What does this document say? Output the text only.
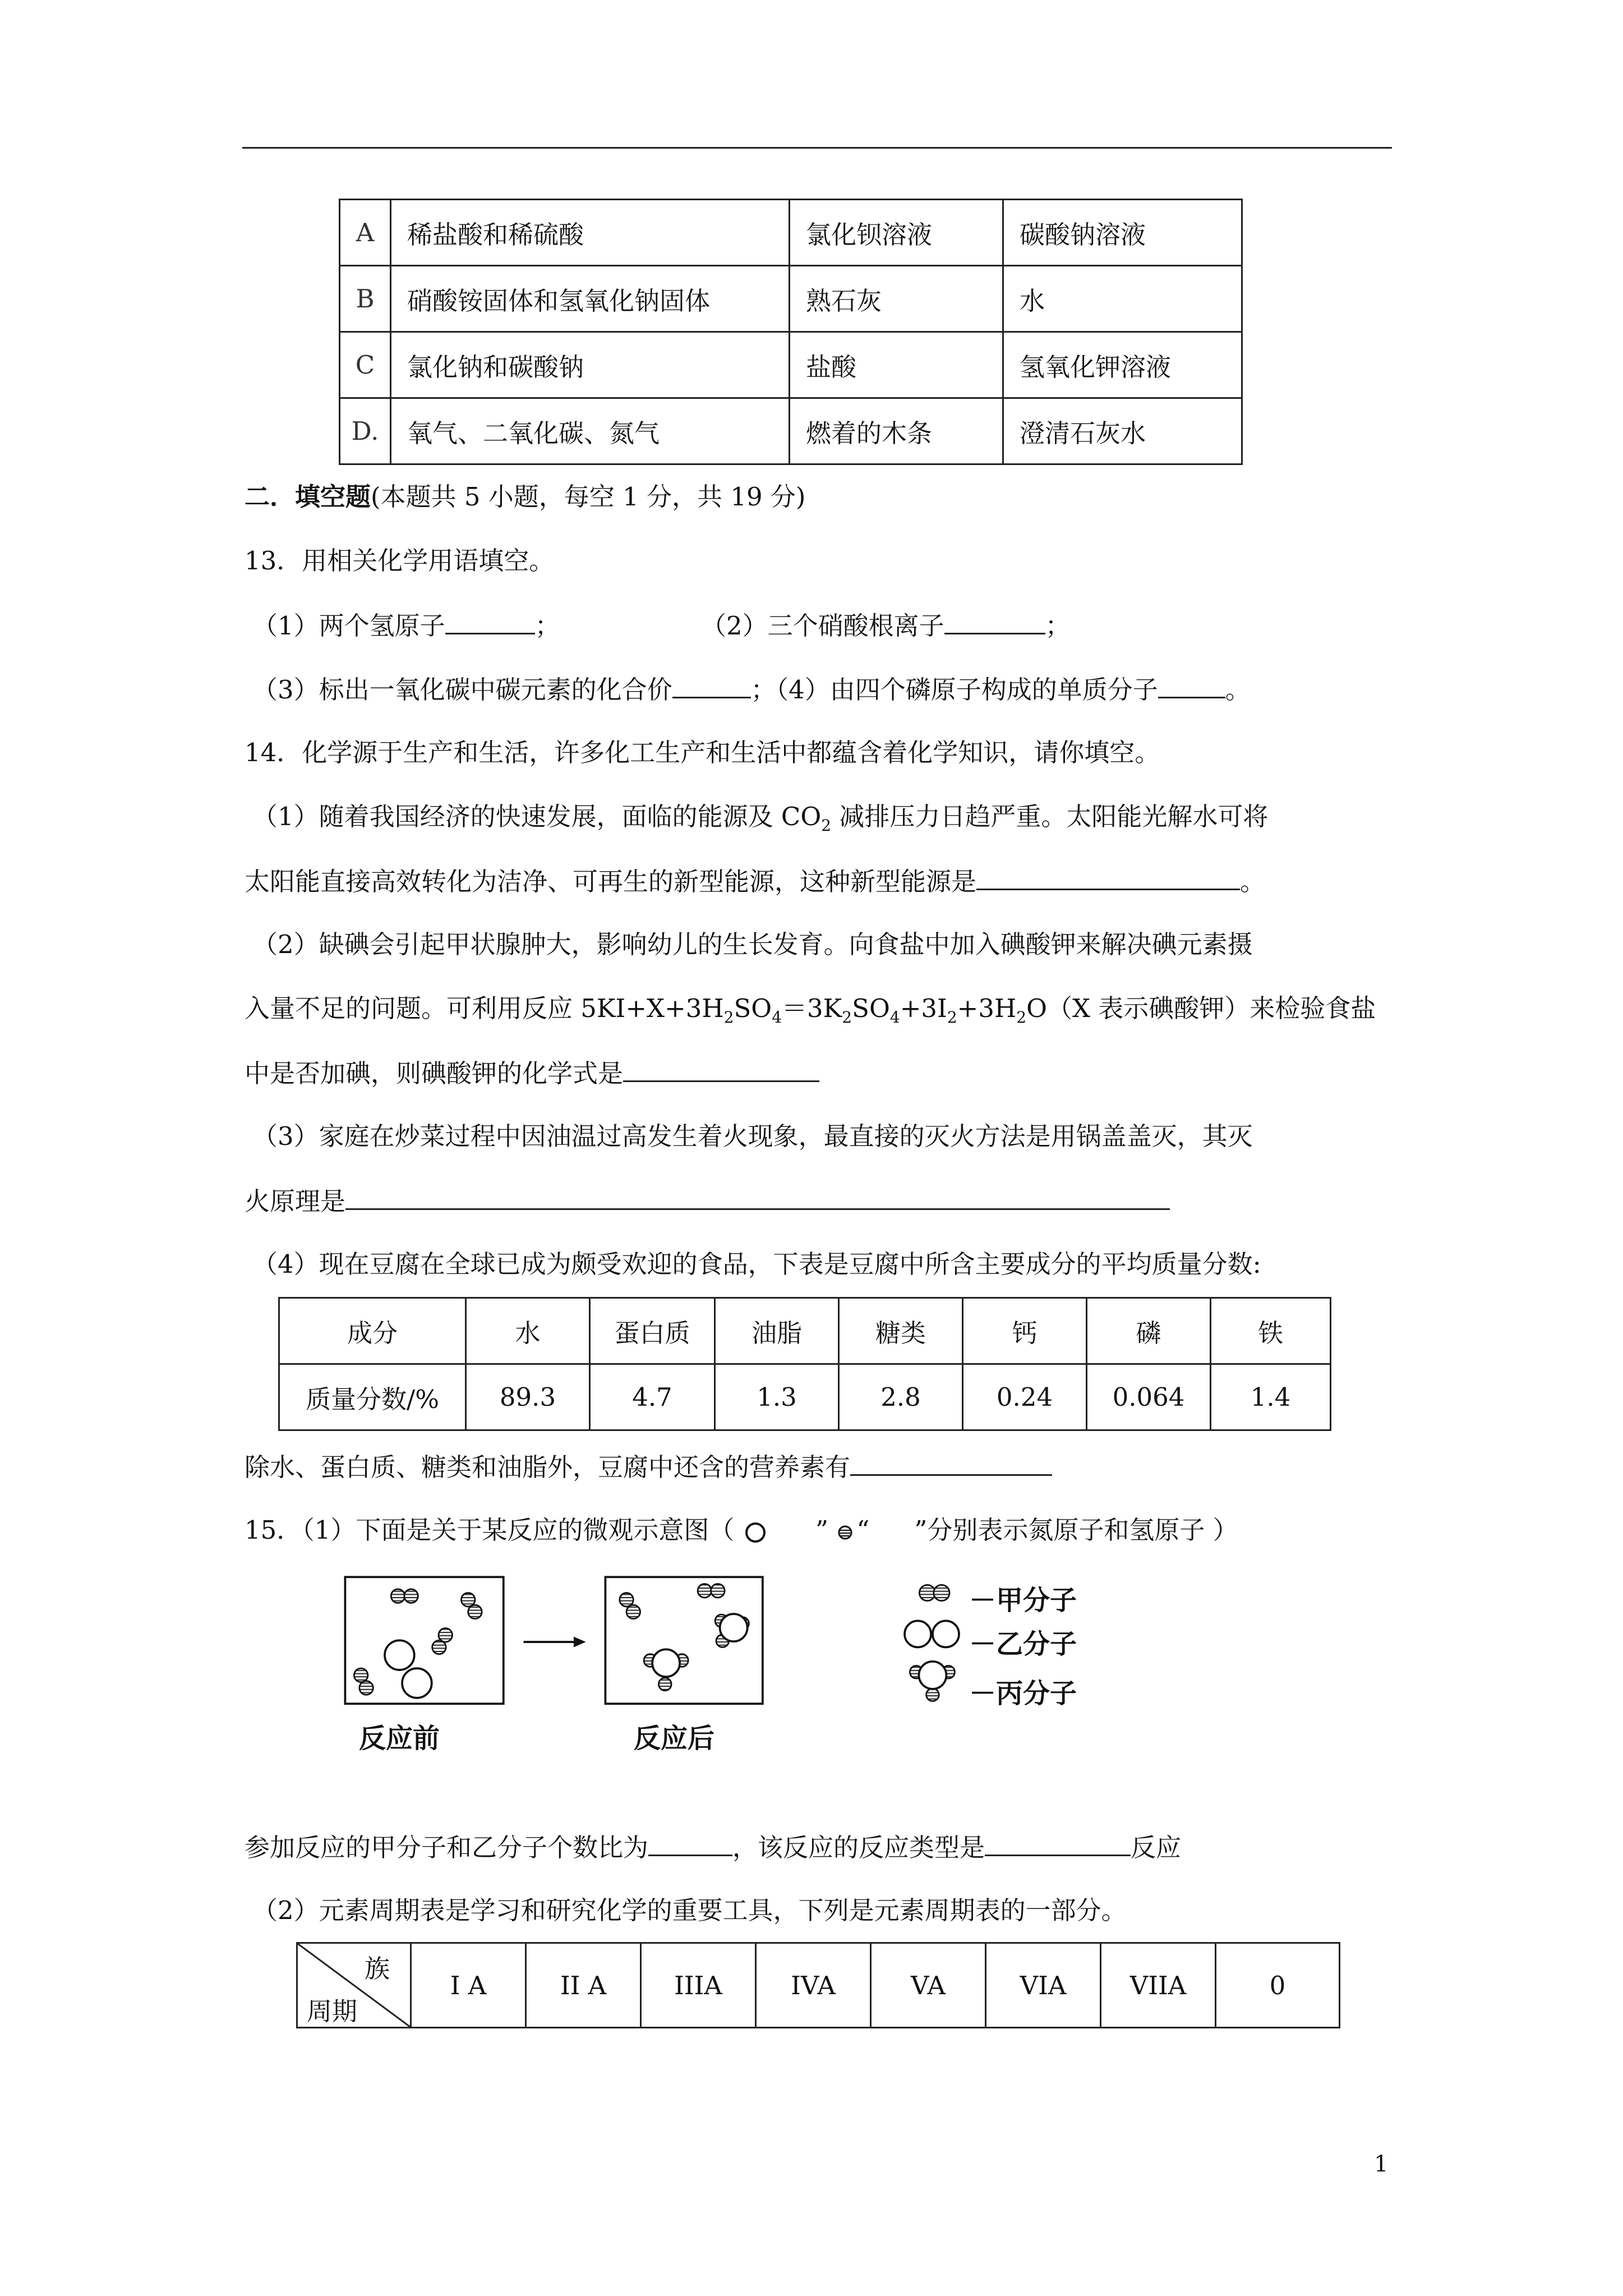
A	稀盐酸和稀硫酸	氯化钡溶液	碳酸钠溶液
B	硝酸铵固体和氢氧化钠固体	熟石灰	水
C	氯化钠和碳酸钠	盐酸	氢氧化钾溶液
D.	氧气、二氧化碳、氮气	燃着的木条	澄清石灰水
二．填空题(本题共 5 小题，每空 1 分，共 19 分)
13．用相关化学用语填空。
（1）两个氢原子	；	（2）三个硝酸根离子	；
（3）标出一氧化碳中碳元素的化合价	；（4）由四个磷原子构成的单质分子	。
14．化学源于生产和生活，许多化工生产和生活中都蕴含着化学知识，请你填空。
（1）随着我国经济的快速发展，面临的能源及 $CO_2$ 减排压力日趋严重。太阳能光解水可将
太阳能直接高效转化为洁净、可再生的新型能源，这种新型能源是	。
（2）缺碘会引起甲状腺肿大，影响幼儿的生长发育。向食盐中加入碘酸钾来解决碘元素摄
入量不足的问题。可利用反应 $5KI+X+3H_2SO_4=3K_2SO_4+3I_2+3H_2O(X$ 表示碘酸钾）来检验食盐
中是否加碘，则碘酸钾的化学式是
（3）家庭在炒菜过程中因油温过高发生着火现象，最直接的灭火方法是用锅盖盖灭，其灭
火原理是
（4）现在豆腐在全球已成为颇受欢迎的食品，下表是豆腐中所含主要成分的平均质量分数:
成分	水	蛋白质	油脂	糖类	钙	磷	铁
质量分数/%	89.3	4.7	1.3	2.8	0.24	0.064	1.4
除水、蛋白质、糖类和油脂外，豆腐中还含的营养素有
15．（1）下面是关于某反应的微观示意图（	” “ ”分别表示氮原子和氢原子 ）
反应前	反应后
－甲分子
－乙分子
－丙分子
参加反应的甲分子和乙分子个数比为	，该反应的反应类型是	反应
（2）元素周期表是学习和研究化学的重要工具，下列是元素周期表的一部分。
族
周期
	I A	II A	IIIA	IVA	VA	VIA	VIIA	0
1
